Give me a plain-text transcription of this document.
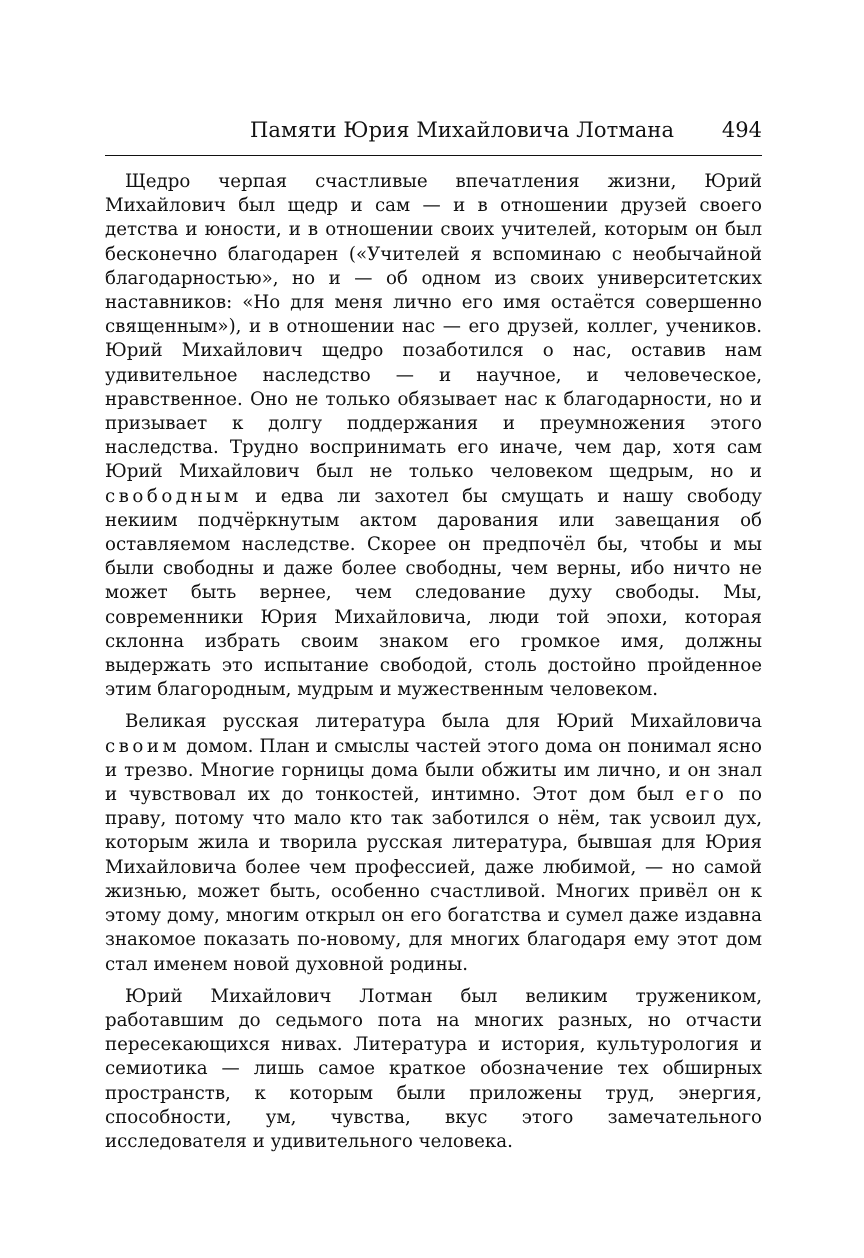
Памяти Юрия Михайловича Лотмана 494

Щедро черпая счастливые впечатления жизни, Юрий Михайлович был щедр и сам — и в отношении друзей своего детства и юности, и в отношении своих учителей, которым он был бесконечно благодарен («Учителей я вспоминаю с необычайной благодарностью», но и — об одном из своих университетских наставников: «Но для меня лично его имя остаётся совершенно священным»), и в отношении нас — его друзей, коллег, учеников. Юрий Михайлович щедро позаботился о нас, оставив нам удивительное наследство — и научное, и человеческое, нравственное. Оно не только обязывает нас к благодарности, но и призывает к долгу поддержания и преумножения этого наследства. Трудно воспринимать его иначе, чем дар, хотя сам Юрий Михайлович был не только человеком щедрым, но и свободным и едва ли захотел бы смущать и нашу свободу некиим подчёркнутым актом дарования или завещания об оставляемом наследстве. Скорее он предпочёл бы, чтобы и мы были свободны и даже более свободны, чем верны, ибо ничто не может быть вернее, чем следование духу свободы. Мы, современники Юрия Михайловича, люди той эпохи, которая склонна избрать своим знаком его громкое имя, должны выдержать это испытание свободой, столь достойно пройденное этим благородным, мудрым и мужественным человеком.

Великая русская литература была для Юрий Михайловича своим домом. План и смыслы частей этого дома он понимал ясно и трезво. Многие горницы дома были обжиты им лично, и он знал и чувствовал их до тонкостей, интимно. Этот дом был его по праву, потому что мало кто так заботился о нём, так усвоил дух, которым жила и творила русская литература, бывшая для Юрия Михайловича более чем профессией, даже любимой, — но самой жизнью, может быть, особенно счастливой. Многих привёл он к этому дому, многим открыл он его богатства и сумел даже издавна знакомое показать по-новому, для многих благодаря ему этот дом стал именем новой духовной родины.

Юрий Михайлович Лотман был великим тружеником, работавшим до седьмого пота на многих разных, но отчасти пересекающихся нивах. Литература и история, культурология и семиотика — лишь самое краткое обозначение тех обширных пространств, к которым были приложены труд, энергия, способности, ум, чувства, вкус этого замечательного исследователя и удивительного человека.
